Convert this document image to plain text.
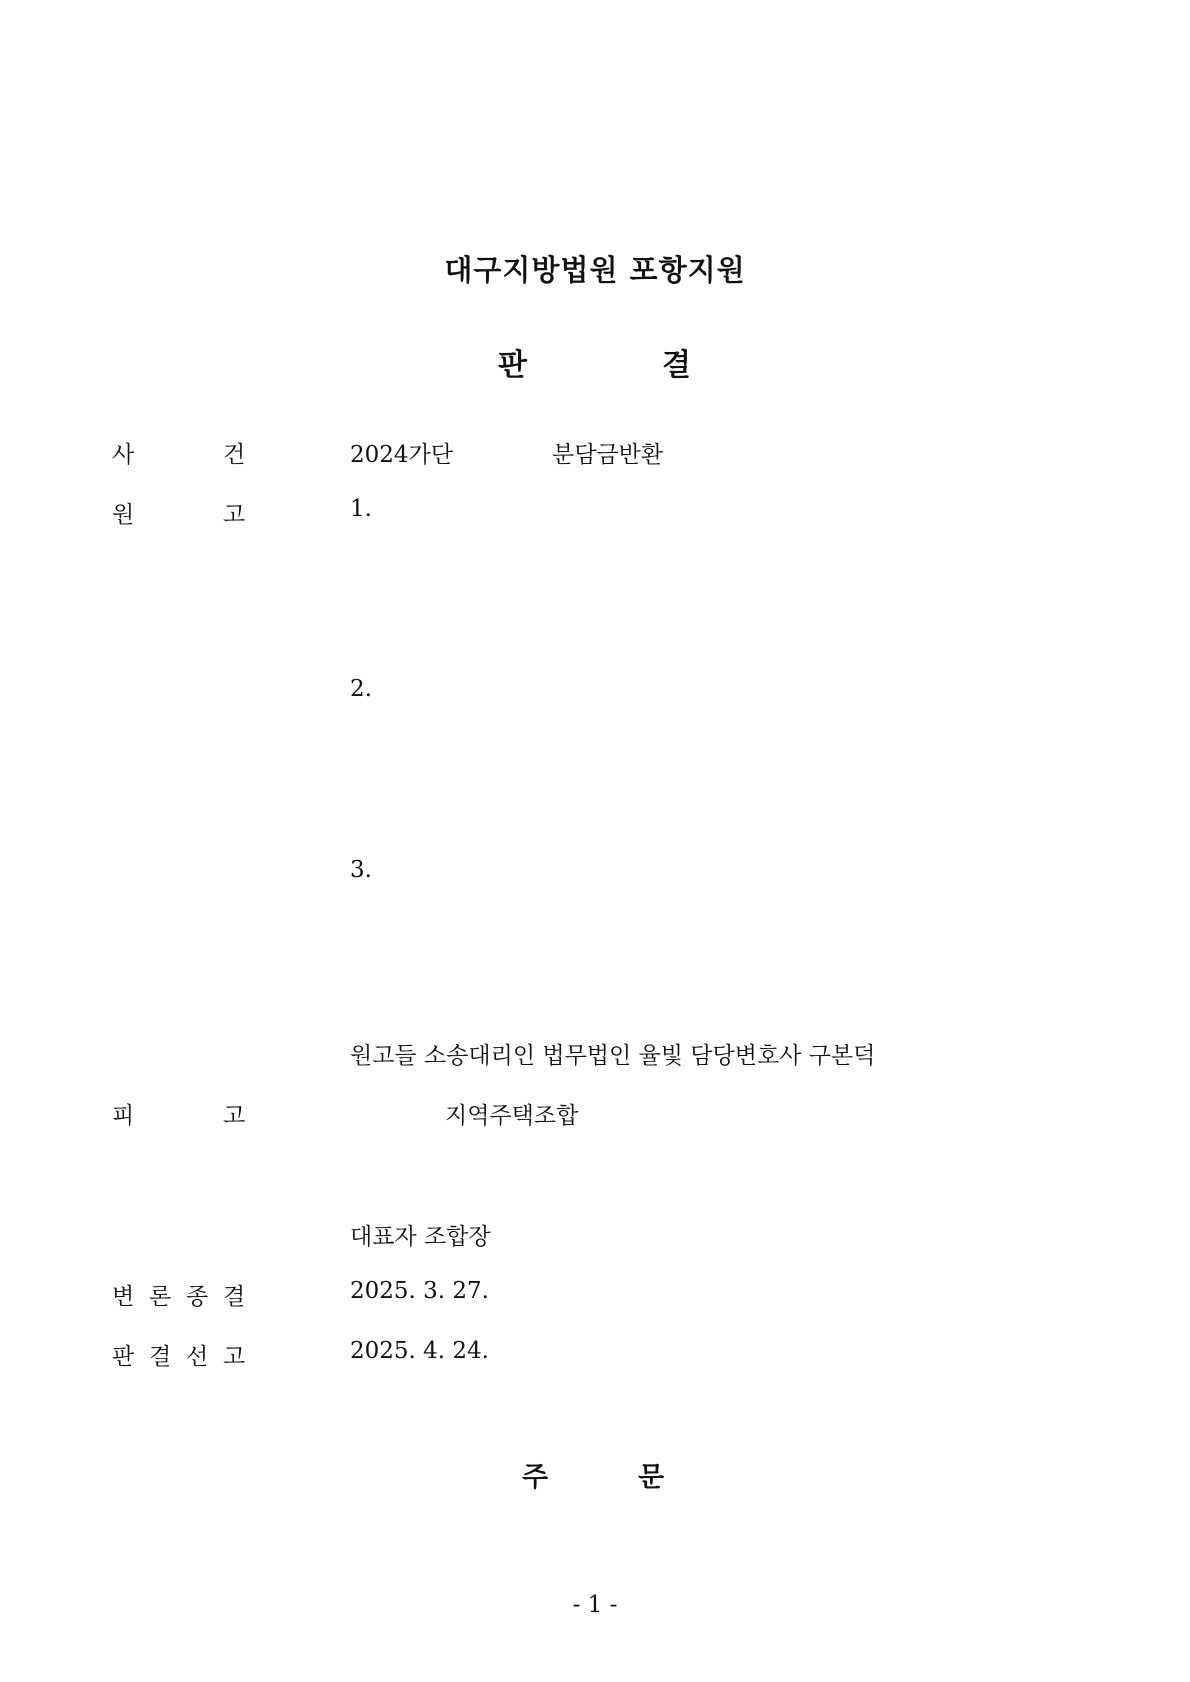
대구지방법원 포항지원
판	결
사	건	2024가단	분담금반환
원	고	1.
2.
3.
원고들 소송대리인 법무법인 율빛 담당변호사 구본덕
피	고	지역주택조합
대표자 조합장
변 론 종 결	2025. 3. 27.
판 결 선 고	2025. 4. 24.
주	문
- 1 -
